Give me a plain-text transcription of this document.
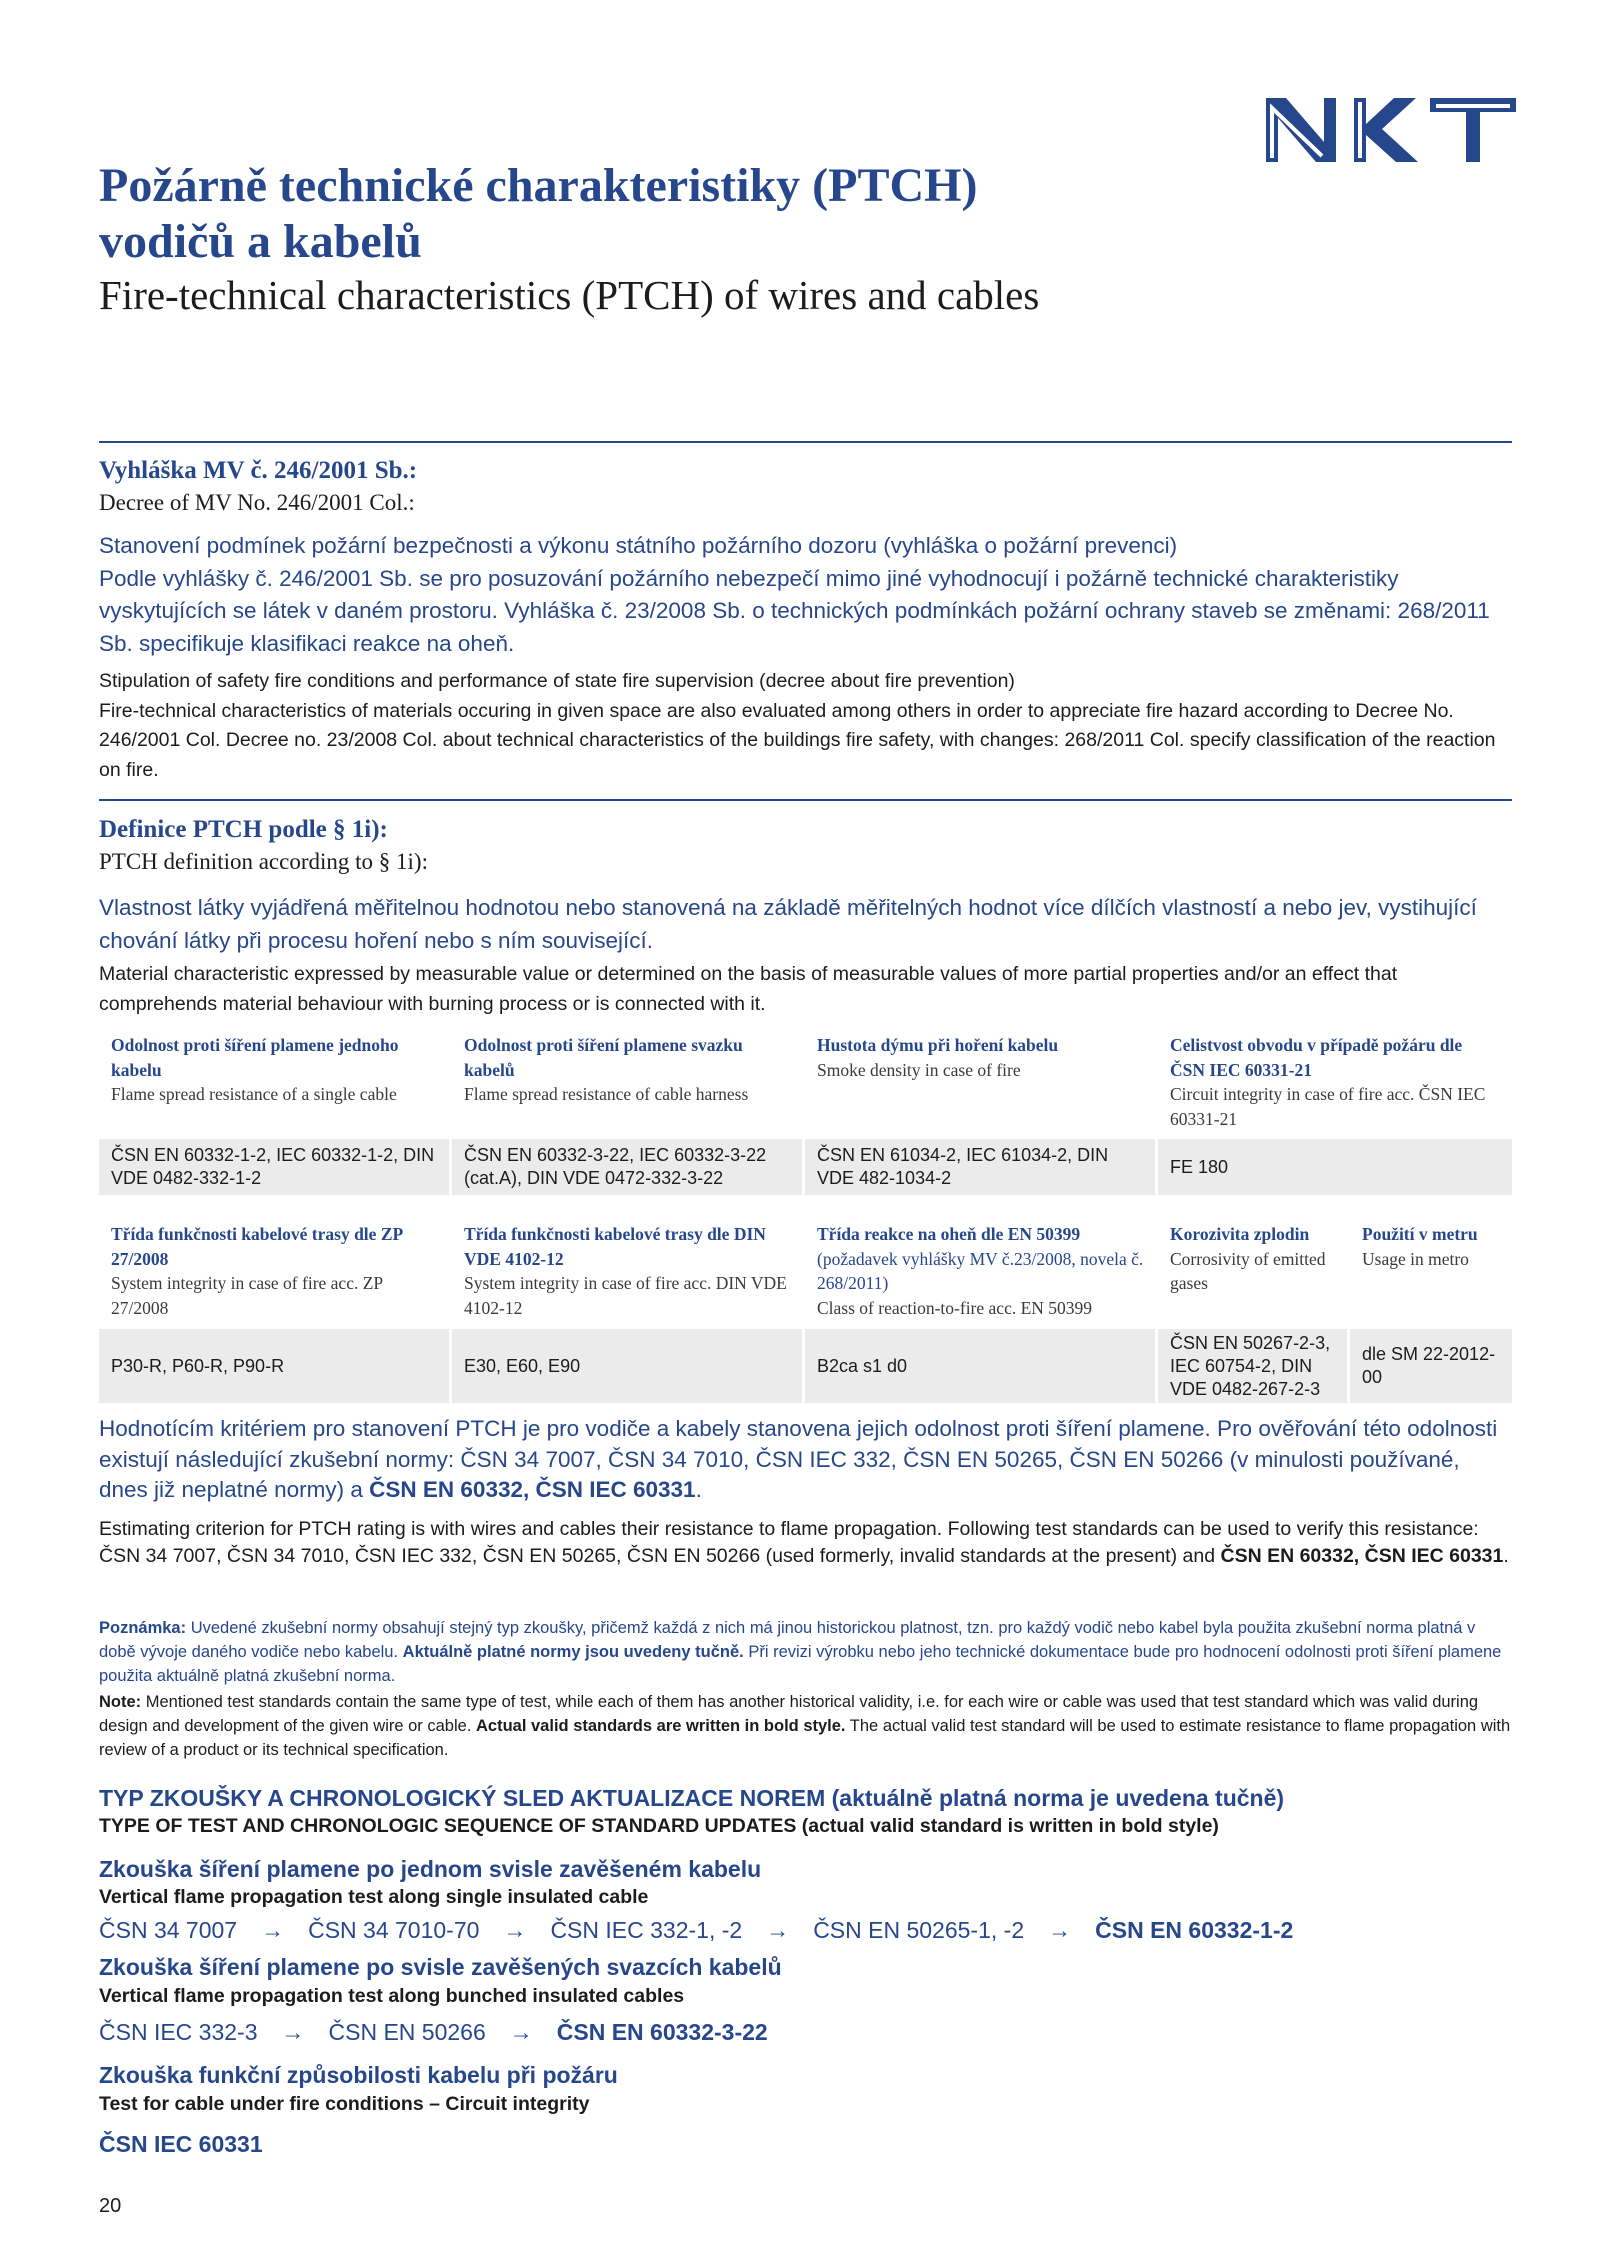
Požárně technické charakteristiky (PTCH)
vodičů a kabelů
Fire-technical characteristics (PTCH) of wires and cables
Vyhláška MV č. 246/2001 Sb.:
Decree of MV No. 246/2001 Col.:

Stanovení podmínek požární bezpečnosti a výkonu státního požárního dozoru (vyhláška o požární prevenci)

Podle vyhlášky č. 246/2001 Sb. se pro posuzování požárního nebezpečí mimo jiné vyhodnocují i požárně technické charakteristiky vyskytujících se látek v daném prostoru. Vyhláška č. 23/2008 Sb. o technických podmínkách požární ochrany staveb se změnami: 268/2011 Sb. specifikuje klasifikaci reakce na oheň.

Stipulation of safety fire conditions and performance of state fire supervision (decree about fire prevention)

Fire-technical characteristics of materials occuring in given space are also evaluated among others in order to appreciate fire hazard according to Decree No. 246/2001 Col. Decree no. 23/2008 Col. about technical characteristics of the buildings fire safety, with changes: 268/2011 Col. specify classification of the reaction on fire.

Definice PTCH podle § 1i):
PTCH definition according to § 1i):

Vlastnost látky vyjádřená měřitelnou hodnotou nebo stanovená na základě měřitelných hodnot více dílčích vlastností a nebo jev, vystihující chování látky při procesu hoření nebo s ním související.

Material characteristic expressed by measurable value or determined on the basis of measurable values of more partial properties and/or an effect that comprehends material behaviour with burning process or is connected with it.

Odolnost proti šíření plamene jednoho kabelu
Flame spread resistance of a single cable
Odolnost proti šíření plamene svazku kabelů
Flame spread resistance of cable harness
Hustota dýmu při hoření kabelu
Smoke density in case of fire
Celistvost obvodu v případě požáru dle ČSN IEC 60331-21
Circuit integrity in case of fire acc. ČSN IEC 60331-21
ČSN EN 60332-1-2, IEC 60332-1-2, DIN VDE 0482-332-1-2
ČSN EN 60332-3-22, IEC 60332-3-22 (cat.A), DIN VDE 0472-332-3-22
ČSN EN 61034-2, IEC 61034-2, DIN VDE 482-1034-2
FE 180
Třída funkčnosti kabelové trasy dle ZP 27/2008
System integrity in case of fire acc. ZP 27/2008
Třída funkčnosti kabelové trasy dle DIN VDE 4102-12
System integrity in case of fire acc. DIN VDE 4102-12
Třída reakce na oheň dle EN 50399
(požadavek vyhlášky MV č.23/2008, novela č. 268/2011)
Class of reaction-to-fire acc. EN 50399
Korozivita zplodin
Corrosivity of emitted gases
Použití v metru
Usage in metro
P30-R, P60-R, P90-R	E30, E60, E90	B2ca s1 d0
ČSN EN 50267-2-3, IEC 60754-2, DIN VDE 0482-267-2-3
dle SM 22-2012-00

Hodnotícím kritériem pro stanovení PTCH je pro vodiče a kabely stanovena jejich odolnost proti šíření plamene. Pro ověřování této odolnosti existují následující zkušební normy: ČSN 34 7007, ČSN 34 7010, ČSN IEC 332, ČSN EN 50265, ČSN EN 50266 (v minulosti používané, dnes již neplatné normy) a ČSN EN 60332, ČSN IEC 60331.

Estimating criterion for PTCH rating is with wires and cables their resistance to flame propagation. Following test standards can be used to verify this resistance: ČSN 34 7007, ČSN 34 7010, ČSN IEC 332, ČSN EN 50265, ČSN EN 50266 (used formerly, invalid standards at the present) and ČSN EN 60332, ČSN IEC 60331.

Poznámka: Uvedené zkušební normy obsahují stejný typ zkoušky, přičemž každá z nich má jinou historickou platnost, tzn. pro každý vodič nebo kabel byla použita zkušební norma platná v době vývoje daného vodiče nebo kabelu. Aktuálně platné normy jsou uvedeny tučně. Při revizi výrobku nebo jeho technické dokumentace bude pro hodnocení odolnosti proti šíření plamene použita aktuálně platná zkušební norma.

Note: Mentioned test standards contain the same type of test, while each of them has another historical validity, i.e. for each wire or cable was used that test standard which was valid during design and development of the given wire or cable. Actual valid standards are written in bold style. The actual valid test standard will be used to estimate resistance to flame propagation with review of a product or its technical specification.

TYP ZKOUŠKY A CHRONOLOGICKÝ SLED AKTUALIZACE NOREM (aktuálně platná norma je uvedena tučně)
TYPE OF TEST AND CHRONOLOGIC SEQUENCE OF STANDARD UPDATES (actual valid standard is written in bold style)
Zkouška šíření plamene po jednom svisle zavěšeném kabelu
Vertical flame propagation test along single insulated cable
ČSN 34 7007 → ČSN 34 7010-70 → ČSN IEC 332-1, -2 → ČSN EN 50265-1, -2 → ČSN EN 60332-1-2
Zkouška šíření plamene po svisle zavěšených svazcích kabelů
Vertical flame propagation test along bunched insulated cables
ČSN IEC 332-3 → ČSN EN 50266 → ČSN EN 60332-3-22
Zkouška funkční způsobilosti kabelu při požáru
Test for cable under fire conditions – Circuit integrity
ČSN IEC 60331
20
